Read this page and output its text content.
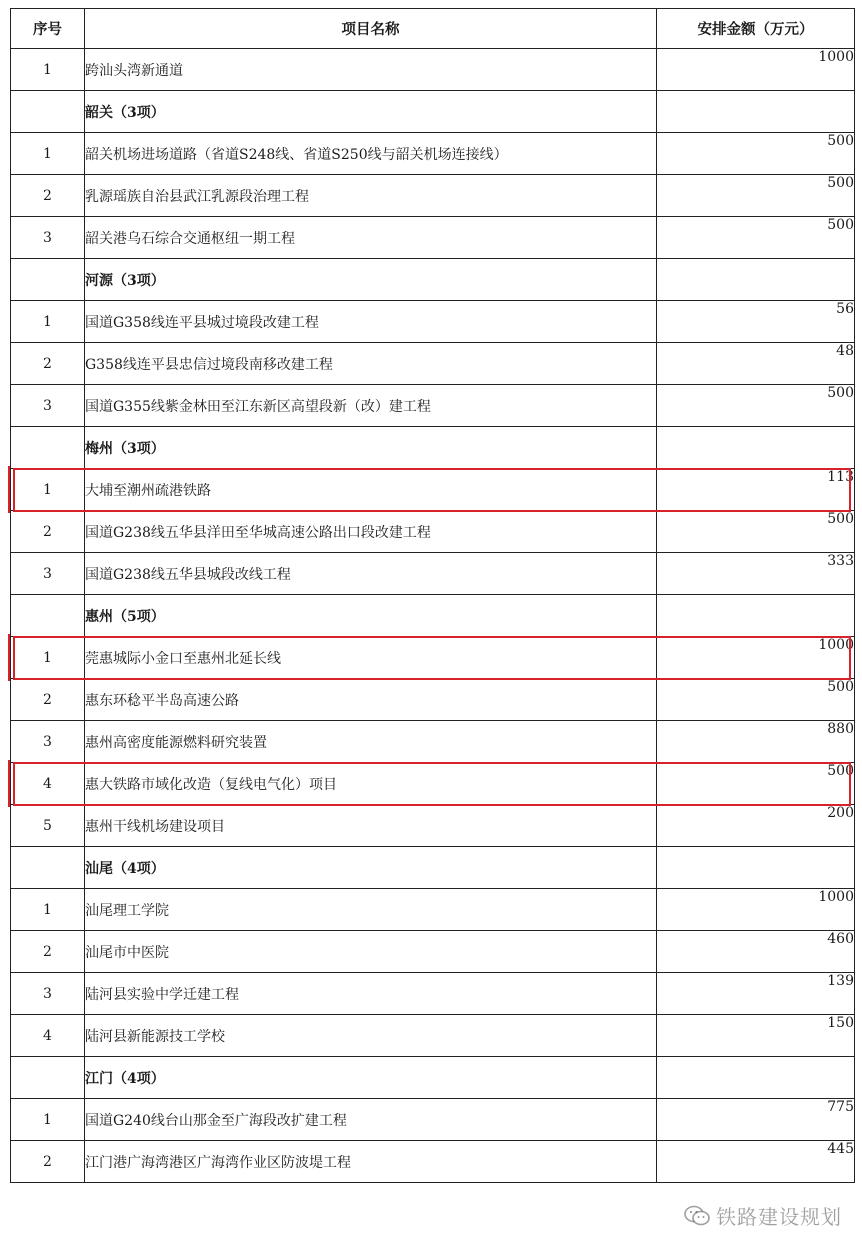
序号	项目名称	安排金额（万元）
1	跨汕头湾新通道	1000
	韶关（3项）	
1	韶关机场进场道路（省道S248线、省道S250线与韶关机场连接线）	500
2	乳源瑶族自治县武江乳源段治理工程	500
3	韶关港乌石综合交通枢纽一期工程	500
	河源（3项）	
1	国道G358线连平县城过境段改建工程	56
2	G358线连平县忠信过境段南移改建工程	48
3	国道G355线紫金林田至江东新区高望段新（改）建工程	500
	梅州（3项）	
1	大埔至潮州疏港铁路	113
2	国道G238线五华县洋田至华城高速公路出口段改建工程	500
3	国道G238线五华县城段改线工程	333
	惠州（5项）	
1	莞惠城际小金口至惠州北延长线	1000
2	惠东环稔平半岛高速公路	500
3	惠州高密度能源燃料研究装置	880
4	惠大铁路市域化改造（复线电气化）项目	500
5	惠州干线机场建设项目	200
	汕尾（4项）	
1	汕尾理工学院	1000
2	汕尾市中医院	460
3	陆河县实验中学迁建工程	139
4	陆河县新能源技工学校	150
	江门（4项）	
1	国道G240线台山那金至广海段改扩建工程	775
2	江门港广海湾港区广海湾作业区防波堤工程	445
铁路建设规划
